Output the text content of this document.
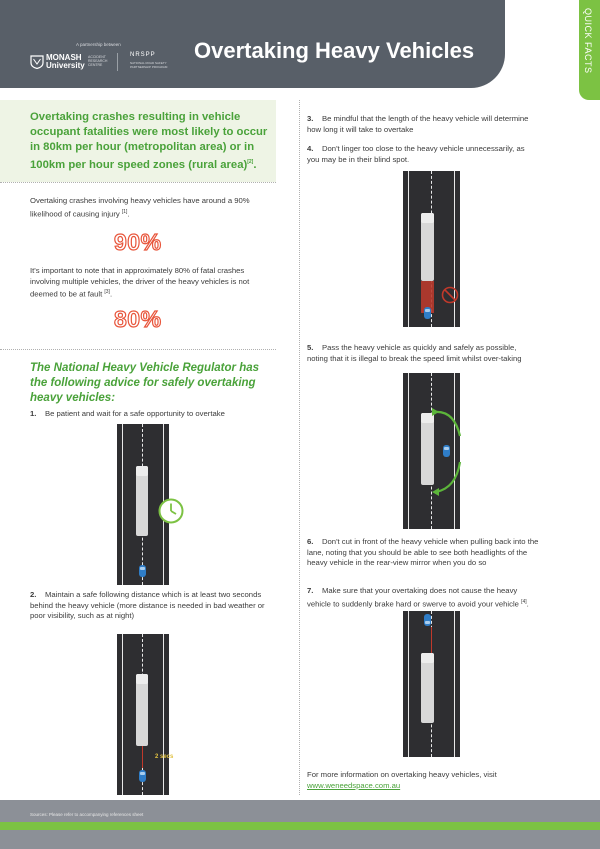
A partnership between
MONASH University
ACCIDENT RESEARCH CENTRE
NRSPP
NATIONAL ROAD SAFETY PARTNERSHIP PROGRAM
Overtaking Heavy Vehicles	QUICK FACTS
Overtaking crashes resulting in vehicle occupant fatalities were most likely to occur in 80km per hour (metropolitan area) or in 100km per hour speed zones (rural area)[2].
Overtaking crashes involving heavy vehicles have around a 90% likelihood of causing injury [1].
90%
It's important to note that in approximately 80% of fatal crashes involving multiple vehicles, the driver of the heavy vehicles is not deemed to be at fault [3].
80%
The National Heavy Vehicle Regulator has the following advice for safely overtaking heavy vehicles:
1. Be patient and wait for a safe opportunity to overtake
2. Maintain a safe following distance which is at least two seconds behind the heavy vehicle (more distance is needed in bad weather or poor visibility, such as at night)
2 secs
3. Be mindful that the length of the heavy vehicle will determine how long it will take to overtake
4. Don't linger too close to the heavy vehicle unnecessarily, as you may be in their blind spot.
5. Pass the heavy vehicle as quickly and safely as possible, noting that it is illegal to break the speed limit whilst over-taking
6. Don't cut in front of the heavy vehicle when pulling back into the lane, noting that you should be able to see both headlights of the heavy vehicle in the rear-view mirror when you do so
7. Make sure that your overtaking does not cause the heavy vehicle to suddenly brake hard or swerve to avoid your vehicle [4].
For more information on overtaking heavy vehicles, visit
www.weneedspace.com.au
Sources: Please refer to accompanying references sheet
